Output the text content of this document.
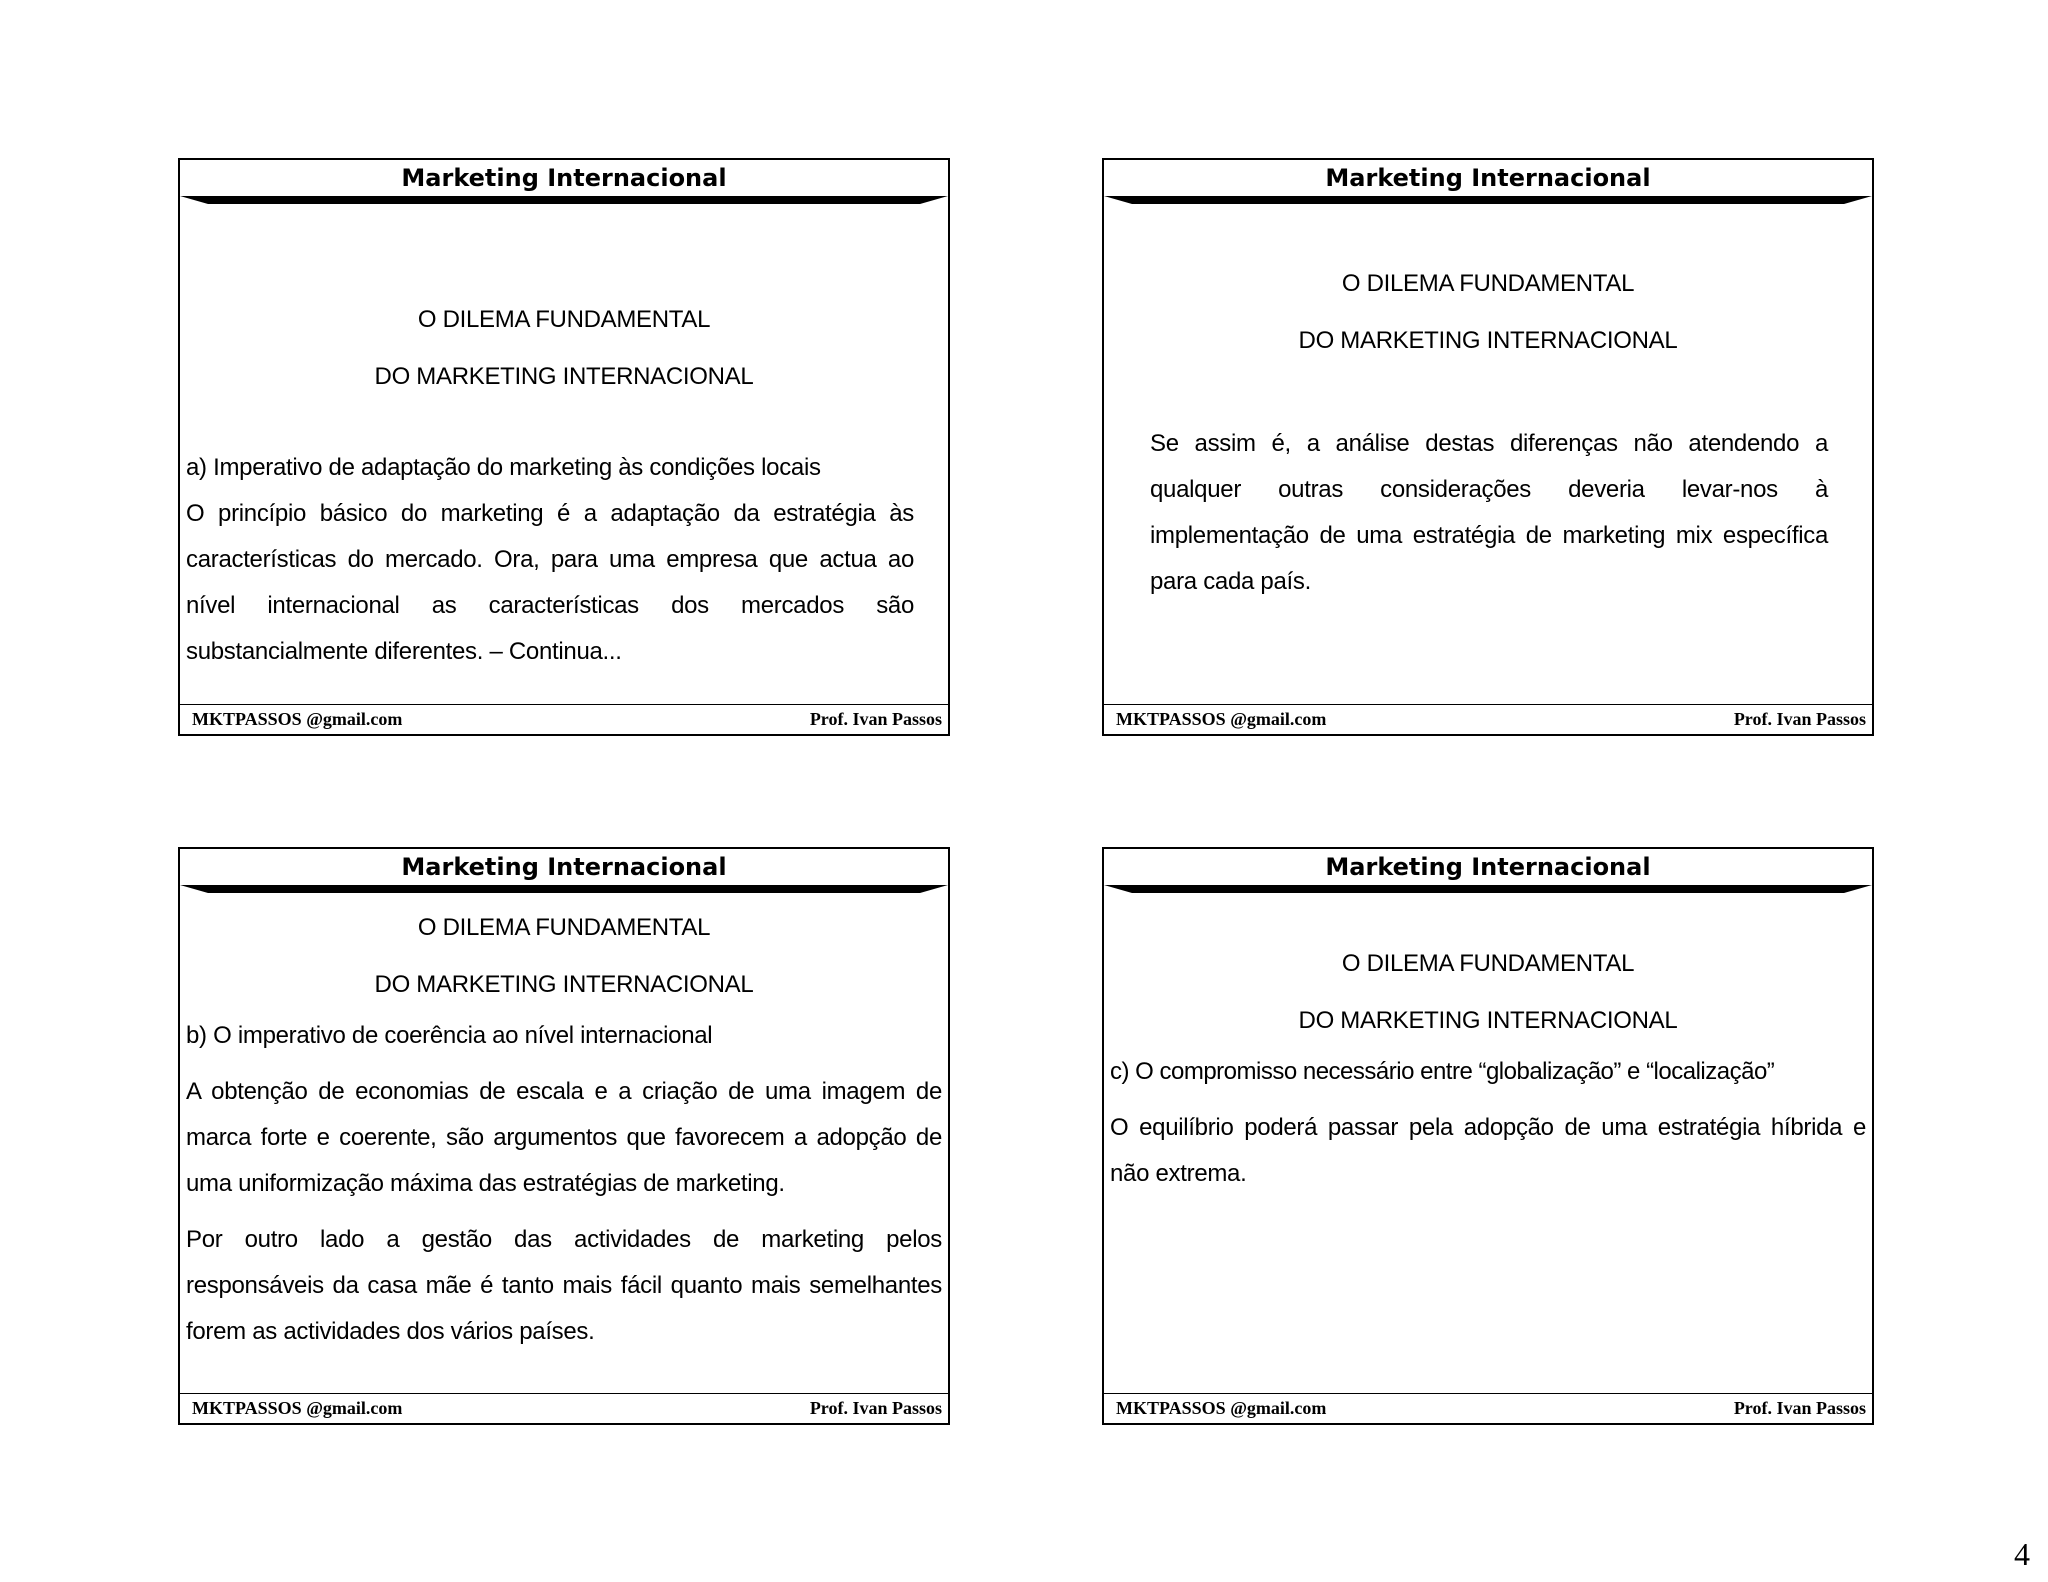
Marketing Internacional
O DILEMA FUNDAMENTAL
DO MARKETING INTERNACIONAL

a) Imperativo de adaptação do marketing às condições locais

O princípio básico do marketing é a adaptação da estratégia às características do mercado. Ora, para uma empresa que actua ao nível internacional as características dos mercados são substancialmente diferentes. – Continua...

MKTPASSOS @gmail.com	Prof. Ivan Passos
Marketing Internacional
O DILEMA FUNDAMENTAL
DO MARKETING INTERNACIONAL

Se assim é, a análise destas diferenças não atendendo a qualquer outras considerações deveria levar-nos à implementação de uma estratégia de marketing mix específica para cada país.

MKTPASSOS @gmail.com	Prof. Ivan Passos
Marketing Internacional
O DILEMA FUNDAMENTAL
DO MARKETING INTERNACIONAL

b) O imperativo de coerência ao nível internacional

A obtenção de economias de escala e a criação de uma imagem de marca forte e coerente, são argumentos que favorecem a adopção de uma uniformização máxima das estratégias de marketing.

Por outro lado a gestão das actividades de marketing pelos responsáveis da casa mãe é tanto mais fácil quanto mais semelhantes forem as actividades dos vários países.

MKTPASSOS @gmail.com	Prof. Ivan Passos
Marketing Internacional
O DILEMA FUNDAMENTAL
DO MARKETING INTERNACIONAL

c) O compromisso necessário entre “globalização” e “localização”

O equilíbrio poderá passar pela adopção de uma estratégia híbrida e não extrema.

MKTPASSOS @gmail.com	Prof. Ivan Passos
4
